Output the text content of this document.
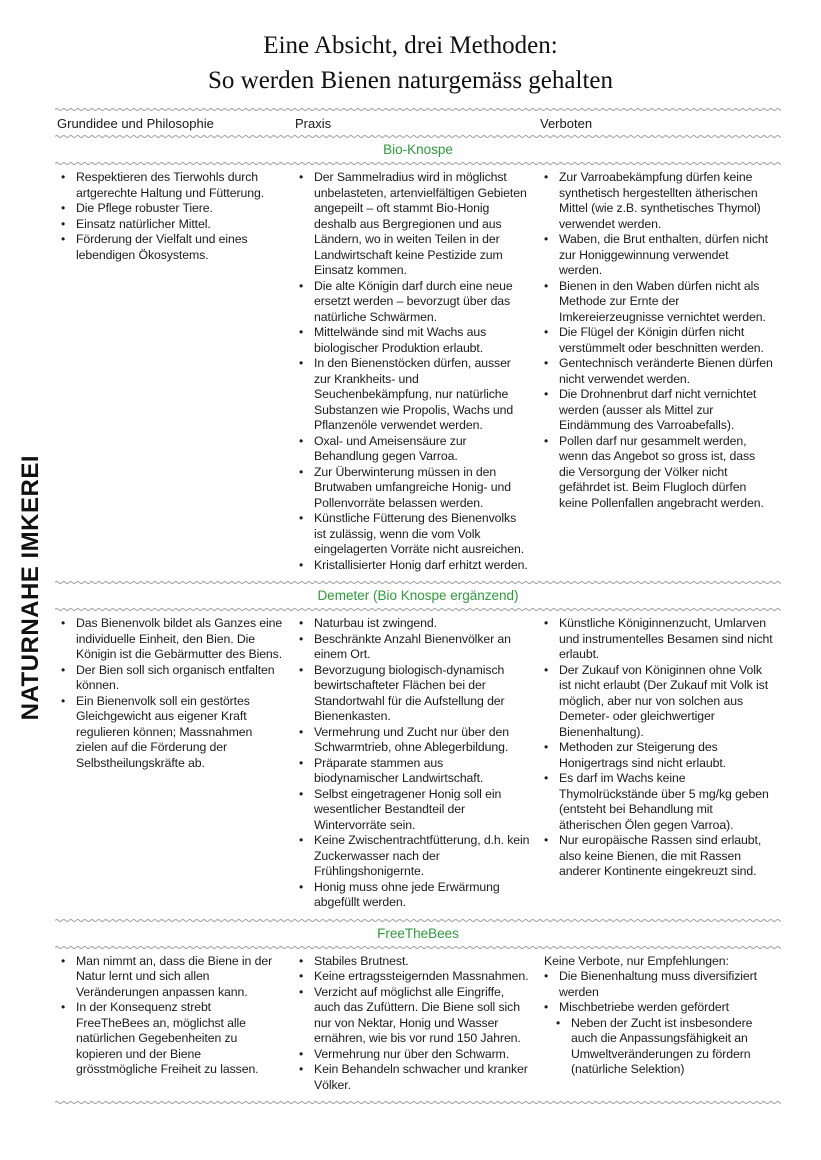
Eine Absicht, drei Methoden:
So werden Bienen naturgemäss gehalten
NATURNAHE IMKEREI
Grundidee und Philosophie	Praxis	Verboten
Bio-Knospe
• Respektieren des Tierwohls durch artgerechte Haltung und Fütterung.
• Die Pflege robuster Tiere.
• Einsatz natürlicher Mittel.
• Förderung der Vielfalt und eines lebendigen Ökosystems.
• Der Sammelradius wird in möglichst unbelasteten, artenvielfältigen Gebieten angepeilt – oft stammt Bio-Honig deshalb aus Bergregionen und aus Ländern, wo in weiten Teilen in der Landwirtschaft keine Pestizide zum Einsatz kommen.
• Die alte Königin darf durch eine neue ersetzt werden – bevorzugt über das natürliche Schwärmen.
• Mittelwände sind mit Wachs aus biologischer Produktion erlaubt.
• In den Bienenstöcken dürfen, ausser zur Krankheits- und Seuchenbekämpfung, nur natürliche Substanzen wie Propolis, Wachs und Pflanzenöle verwendet werden.
• Oxal- und Ameisensäure zur Behandlung gegen Varroa.
• Zur Überwinterung müssen in den Brutwaben umfangreiche Honig- und Pollenvorräte belassen werden.
• Künstliche Fütterung des Bienenvolks ist zulässig, wenn die vom Volk eingelagerten Vorräte nicht ausreichen.
• Kristallisierter Honig darf erhitzt werden.
• Zur Varroabekämpfung dürfen keine synthetisch hergestellten ätherischen Mittel (wie z.B. synthetisches Thymol) verwendet werden.
• Waben, die Brut enthalten, dürfen nicht zur Honiggewinnung verwendet werden.
• Bienen in den Waben dürfen nicht als Methode zur Ernte der Imkereierzeugnisse vernichtet werden.
• Die Flügel der Königin dürfen nicht verstümmelt oder beschnitten werden.
• Gentechnisch veränderte Bienen dürfen nicht verwendet werden.
• Die Drohnenbrut darf nicht vernichtet werden (ausser als Mittel zur Eindämmung des Varroabefalls).
• Pollen darf nur gesammelt werden, wenn das Angebot so gross ist, dass die Versorgung der Völker nicht gefährdet ist. Beim Flugloch dürfen keine Pollenfallen angebracht werden.
Demeter (Bio Knospe ergänzend)
• Das Bienenvolk bildet als Ganzes eine individuelle Einheit, den Bien. Die Königin ist die Gebärmutter des Biens.
• Der Bien soll sich organisch entfalten können.
• Ein Bienenvolk soll ein gestörtes Gleichgewicht aus eigener Kraft regulieren können; Massnahmen zielen auf die Förderung der Selbstheilungskräfte ab.
• Naturbau ist zwingend.
• Beschränkte Anzahl Bienenvölker an einem Ort.
• Bevorzugung biologisch-dynamisch bewirtschafteter Flächen bei der Standortwahl für die Aufstellung der Bienenkasten.
• Vermehrung und Zucht nur über den Schwarmtrieb, ohne Ablegerbildung.
• Präparate stammen aus biodynamischer Landwirtschaft.
• Selbst eingetragener Honig soll ein wesentlicher Bestandteil der Wintervorräte sein.
• Keine Zwischentrachtfütterung, d.h. kein Zuckerwasser nach der Frühlingshonigernte.
• Honig muss ohne jede Erwärmung abgefüllt werden.
• Künstliche Königinnenzucht, Umlarven und instrumentelles Besamen sind nicht erlaubt.
• Der Zukauf von Königinnen ohne Volk ist nicht erlaubt (Der Zukauf mit Volk ist möglich, aber nur von solchen aus Demeter- oder gleichwertiger Bienenhaltung).
• Methoden zur Steigerung des Honigertrags sind nicht erlaubt.
• Es darf im Wachs keine Thymolrückstände über 5 mg/kg geben (entsteht bei Behandlung mit ätherischen Ölen gegen Varroa).
• Nur europäische Rassen sind erlaubt, also keine Bienen, die mit Rassen anderer Kontinente eingekreuzt sind.
FreeTheBees
• Man nimmt an, dass die Biene in der Natur lernt und sich allen Veränderungen anpassen kann.
• In der Konsequenz strebt FreeTheBees an, möglichst alle natürlichen Gegebenheiten zu kopieren und der Biene grösstmögliche Freiheit zu lassen.
• Stabiles Brutnest.
• Keine ertragssteigernden Massnahmen.
• Verzicht auf möglichst alle Eingriffe, auch das Zufüttern. Die Biene soll sich nur von Nektar, Honig und Wasser ernähren, wie bis vor rund 150 Jahren.
• Vermehrung nur über den Schwarm.
• Kein Behandeln schwacher und kranker Völker.
Keine Verbote, nur Empfehlungen:
• Die Bienenhaltung muss diversifiziert werden
• Mischbetriebe werden gefördert
• Neben der Zucht ist insbesondere auch die Anpassungsfähigkeit an Umweltveränderungen zu fördern (natürliche Selektion)
